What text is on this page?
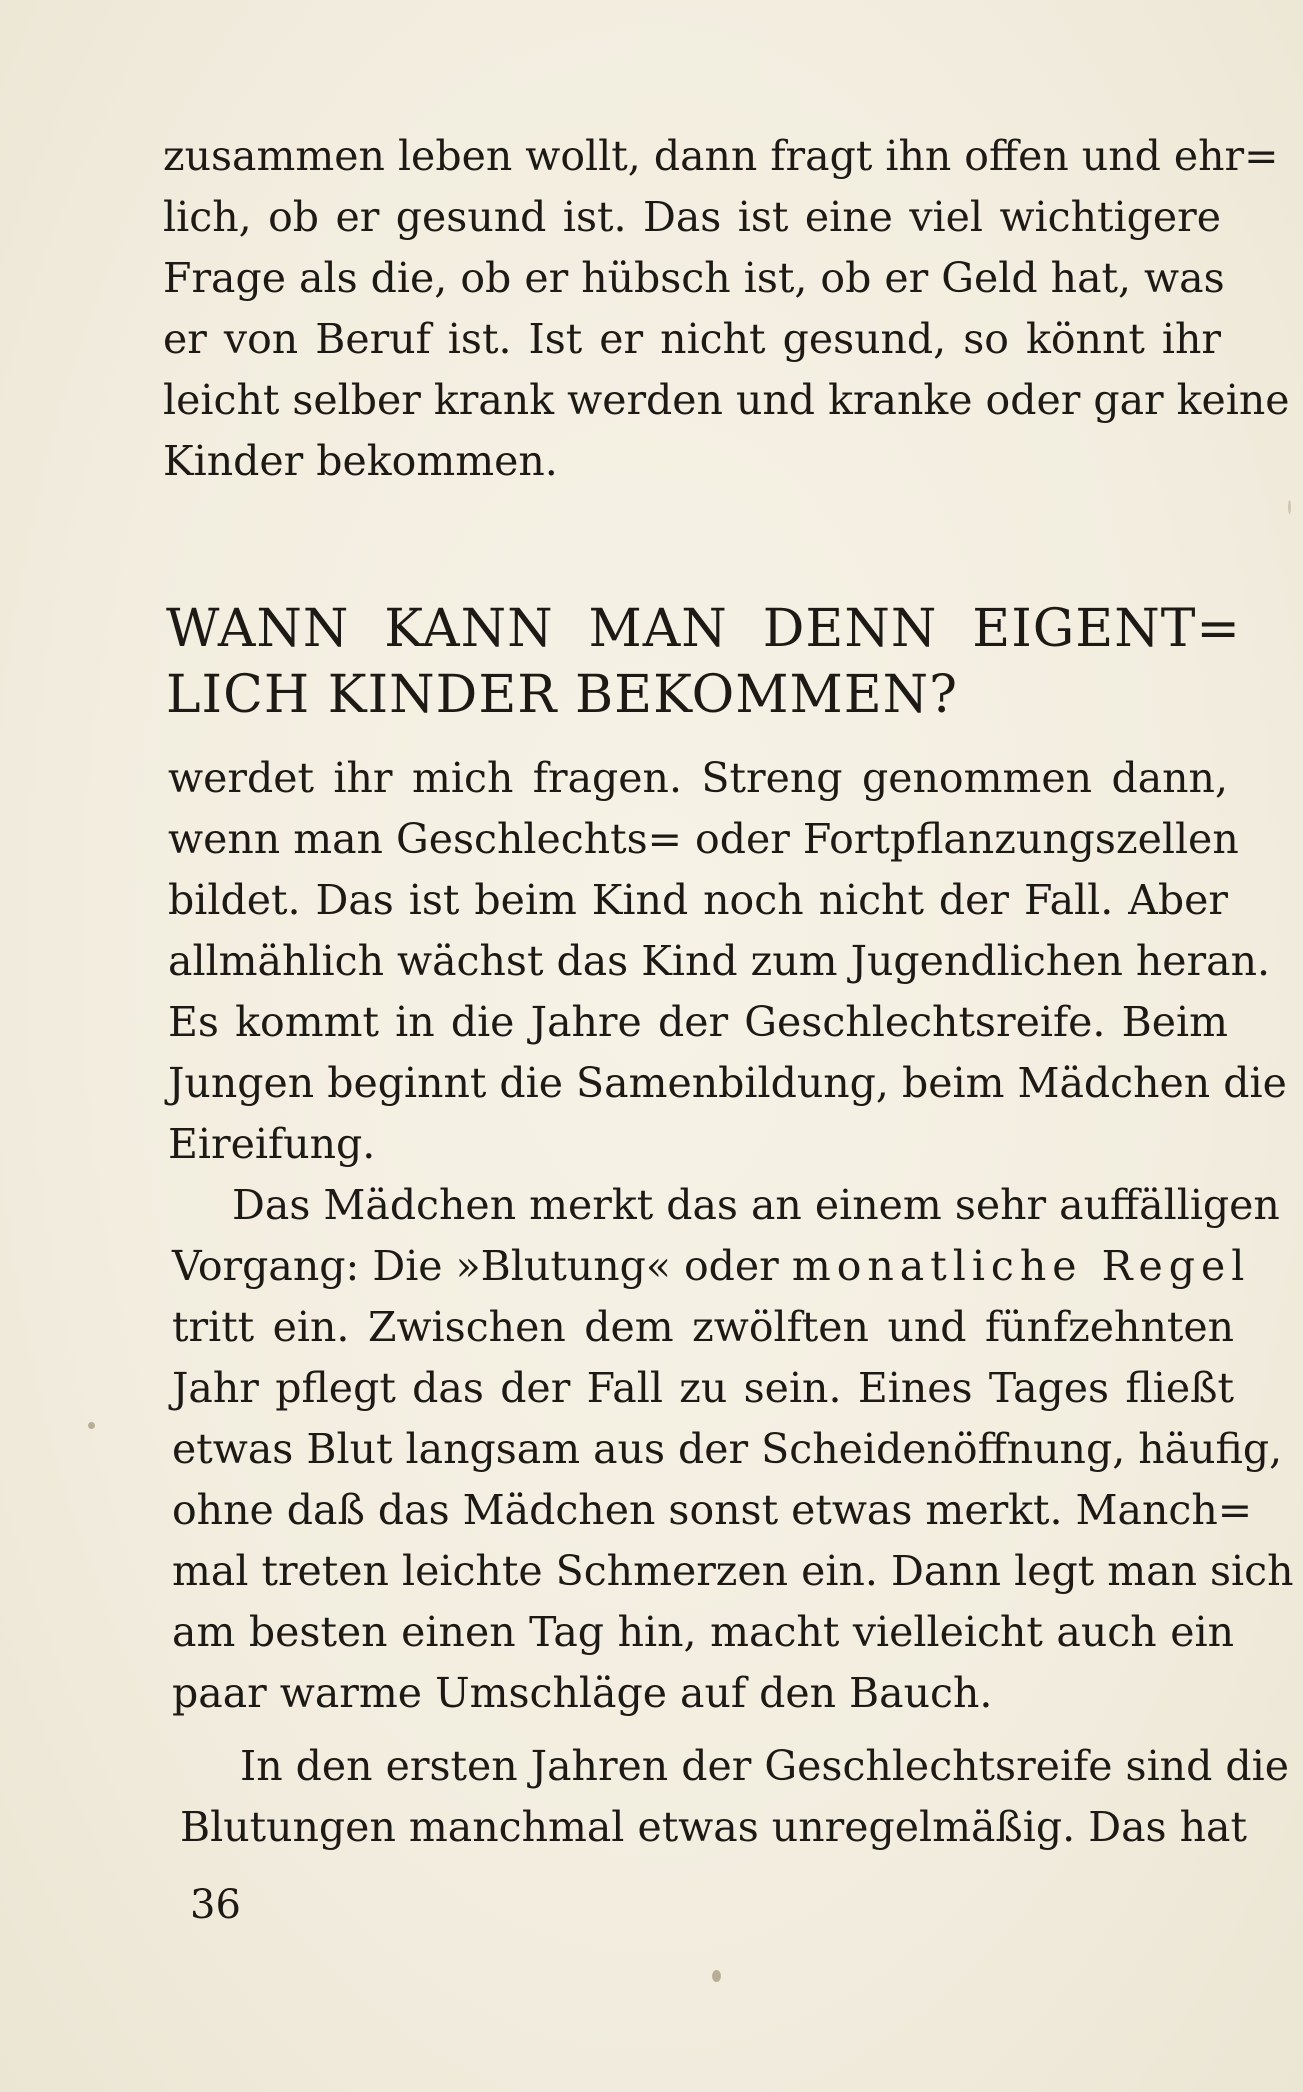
zusammen leben wollt, dann fragt ihn offen und ehr=
lich, ob er gesund ist. Das ist eine viel wichtigere
Frage als die, ob er hübsch ist, ob er Geld hat, was
er von Beruf ist. Ist er nicht gesund, so könnt ihr
leicht selber krank werden und kranke oder gar keine
Kinder bekommen.
WANN KANN MAN DENN EIGENT=
LICH KINDER BEKOMMEN?
werdet ihr mich fragen. Streng genommen dann,
wenn man Geschlechts= oder Fortpflanzungszellen
bildet. Das ist beim Kind noch nicht der Fall. Aber
allmählich wächst das Kind zum Jugendlichen heran.
Es kommt in die Jahre der Geschlechtsreife. Beim
Jungen beginnt die Samenbildung, beim Mädchen die
Eireifung.
Das Mädchen merkt das an einem sehr auffälligen
Vorgang: Die »Blutung« oder monatliche Regel
tritt ein. Zwischen dem zwölften und fünfzehnten
Jahr pflegt das der Fall zu sein. Eines Tages fließt
etwas Blut langsam aus der Scheidenöffnung, häufig,
ohne daß das Mädchen sonst etwas merkt. Manch=
mal treten leichte Schmerzen ein. Dann legt man sich
am besten einen Tag hin, macht vielleicht auch ein
paar warme Umschläge auf den Bauch.
In den ersten Jahren der Geschlechtsreife sind die
Blutungen manchmal etwas unregelmäßig. Das hat
36
